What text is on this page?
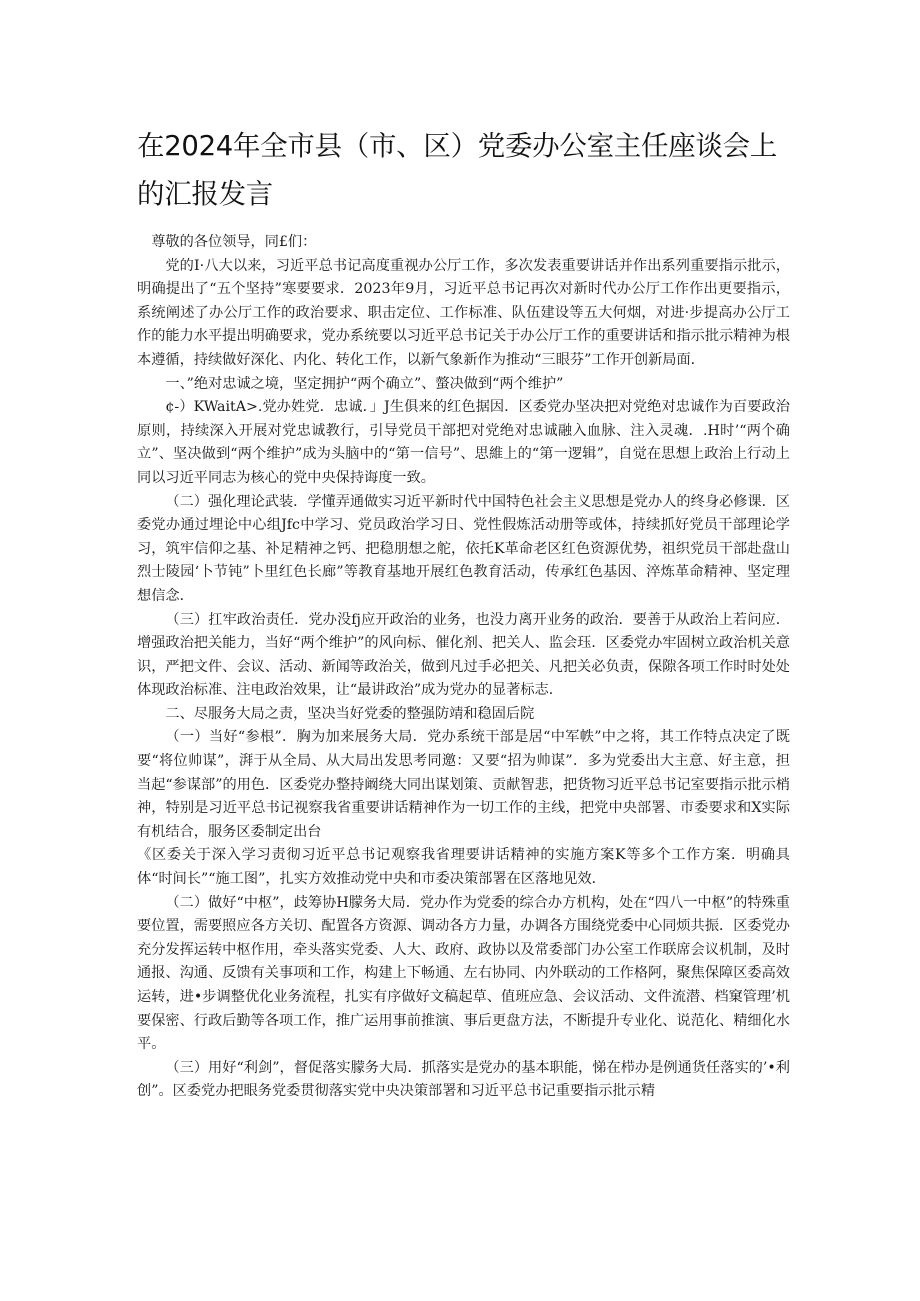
在2024年全市县（市、区）党委办公室主任座谈会上的汇报发言

尊敬的各位领导，同£们：

党的Ⅰ·八大以来，习近平总书记高度重视办公厅工作，多次发表重要讲话并作出系列重要指示批示，明确提出了“五个坚持”寒要要求．2023年9月，习近平总书记再次对新时代办公厅工作作出更要指示，系统阐述了办公厅工作的政治要求、职击定位、工作标准、队伍建设等五大何烟，对进·步提高办公厅工作的能力水平提出明确要求，党办系统要以习近平总书记关于办公厅工作的重要讲话和指示批示精神为根本遵循，持续做好深化、内化、转化工作，以新气象新作为推动“三眼芬”工作开创新局面．

一、”绝对忠诚之境，坚定拥护“两个确立”、螫决做到“两个维护”

¢-）KWaitA>.党办姓党．忠诚．」J生俱来的红色据因．区委党办坚决把对党绝对忠诚作为百要政治原则，持续深入开展对党忠诚教行，引导党员干部把对党绝对忠诚融入血脉、注入灵魂．.H时’“两个确立”、坚决做到“两个维护”成为头脑中的“第一信号”、思維上的“第一逻辑”，自觉在思想上政治上行动上同以习近平同志为核心的党中央保持诲度一致。

（二）强化理论武装．学懂弄通做实习近平新时代中国特色社会主义思想是党办人的终身必修课．区委党办通过埋论中心组Jfc中学习、党员政治学习日、党性假炼活动册等或体，持续抓好党员干部理论学习，筑牢信仰之基、补足精神之钙、把稳朋想之舵，依托K革命老区红色资源优势，祖织党员干部赴盘山烈士陵园‘卜节钝”卜里红色长廊”等教育基地开展红色教育活动，传承红色基因、淬炼革命精神、坚定理想信念．

（三）扛牢政治责任．党办没fj应开政治的业务，也没力离开业务的政治．要善于从政治上若问应．增强政治把关能力，当好“两个维护”的风向标、催化剂、把关人、监会珏．区委党办牢固树立政治机关意识，严把文件、会议、活动、新闻等政治关，做到凡过手必把关、凡把关必负责，保隙各项工作时时处处体现政治标准、注电政治效果，让“最讲政治”成为党办的显著标志．

二、尽服务大局之责，坚决当好党委的整强防靖和稳固后院

（一）当好“参根”．胸为加来展务大局．党办系统干部是居“中军帙”中之将，其工作特点决定了既要“将位帅谋”，湃于从全局、从大局出发思考同邀：又要“招为帅谋”．多为党委出大主意、好主意，担当起“参谋部”的用色．区委党办整持阚绕大同出谋划策、贡献智悲，把货物习近平总书记室要指示批示梢神，特别是习近平总书记视察我省重要讲话精神作为一切工作的主线，把党中央部署、市委要求和X实际有机结合，服务区委制定出台

《区委关于深入学习责彻习近平总书记观察我省理要讲话精神的实施方案K等多个工作方案．明确具体“时间长”“施工图”，扎实方效推动党中央和市委决策部署在区落地见效．

（二）做好“中枢”，歧筹协H朦务大局．党办作为党委的综合办方机构，处在“四八一中枢”的特殊重要位置，需要照应各方关切、配置各方资源、调动各方力量，办调各方围绕党委中心同烦共振．区委党办充分发挥运转中枢作用，牵头落实党委、人大、政府、政协以及常委部门办公室工作联席会议机制，及时通报、沟通、反馈有关事项和工作，构建上下畅通、左右协同、内外联动的工作格阿，聚焦保障区委高效运转，进•步调整优化业务流程，扎实有序做好文稿起草、值班应急、会议活动、文件流潜、档窠管理’机要保密、行政后勤等各项工作，推广运用事前推演、事后更盘方法，不断提升专业化、说范化、精细化水平。

（三）用好“利剑”，督促落实朦务大局．抓落实是党办的基本职能，悌在栉办是例通货任落实的’•利创”。区委党办把眼务党委贯彻落实党中央决策部署和习近平总书记重要指示批示精
